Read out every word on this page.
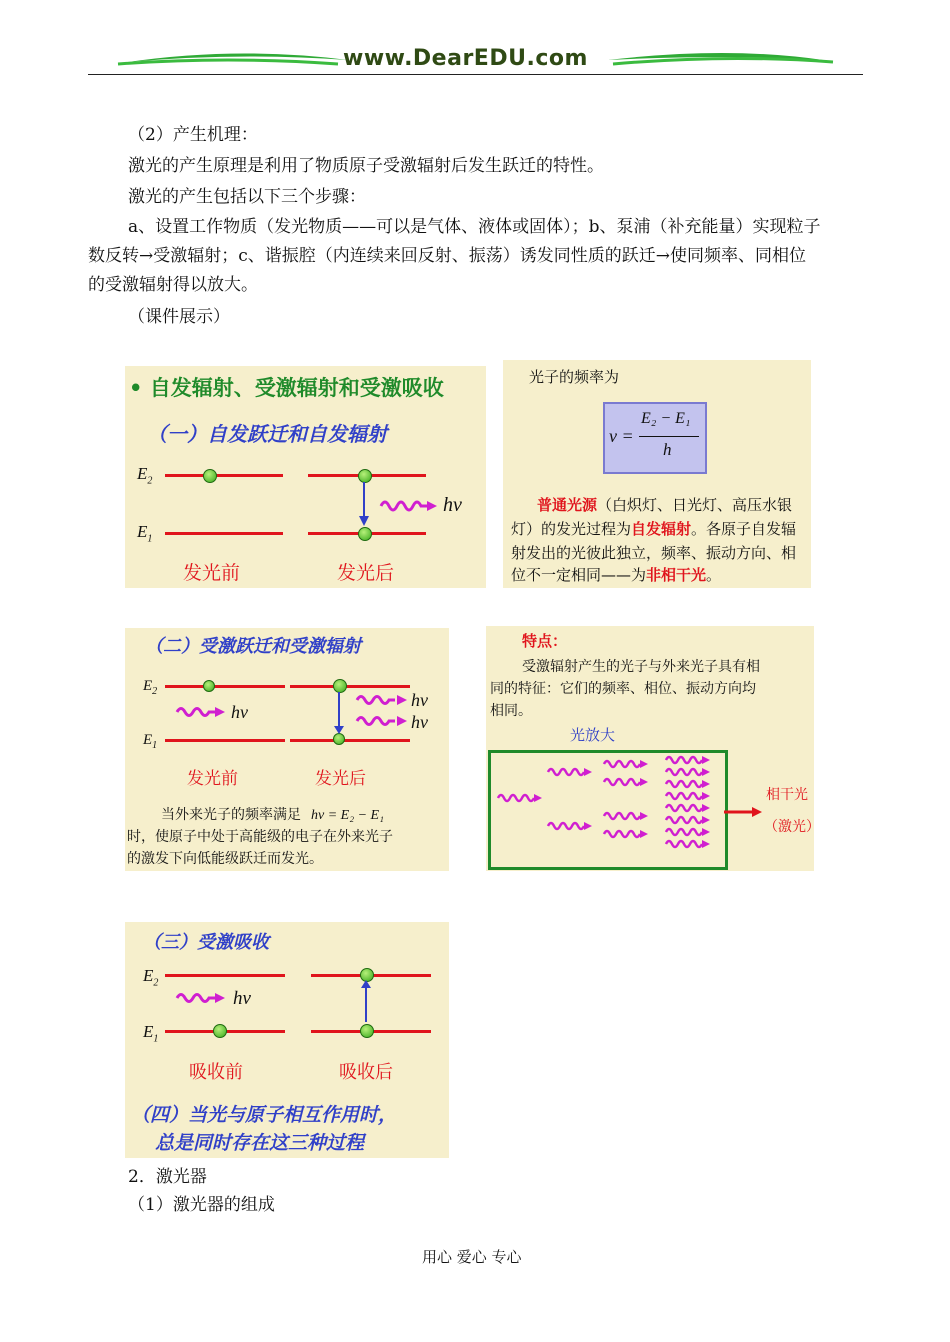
www.DearEDU.com
（2）产生机理：
激光的产生原理是利用了物质原子受激辐射后发生跃迁的特性。
激光的产生包括以下三个步骤：
a、设置工作物质（发光物质——可以是气体、液体或固体）；b、泵浦（补充能量）实现粒子
数反转→受激辐射；c、谐振腔（内连续来回反射、振荡）诱发同性质的跃迁→使同频率、同相位
的受激辐射得以放大。
（课件展示）
• 自发辐射、受激辐射和受激吸收
（一）自发跃迁和自发辐射
$E_2$
$E_1$
hν
发光前	发光后
光子的频率为
ν =
E₂ − E₁
h
普通光源（白炽灯、日光灯、高压水银
灯）的发光过程为自发辐射。各原子自发辐
射发出的光彼此独立，频率、振动方向、相
位不一定相同——为非相干光。
（二）受激跃迁和受激辐射
$E_2$
$E_1$
hν
hν
hν
发光前	发光后
当外来光子的频率满足 hν = E₂ − E₁
时，使原子中处于高能级的电子在外来光子
的激发下向低能级跃迁而发光。
特点：
受激辐射产生的光子与外来光子具有相
同的特征：它们的频率、相位、振动方向均
相同。
光放大
相干光
（激光）
（三）受激吸收
$E_2$
$E_1$
hν
吸收前	吸收后
（四）当光与原子相互作用时，
总是同时存在这三种过程
2．激光器
（1）激光器的组成
用心 爱心 专心
